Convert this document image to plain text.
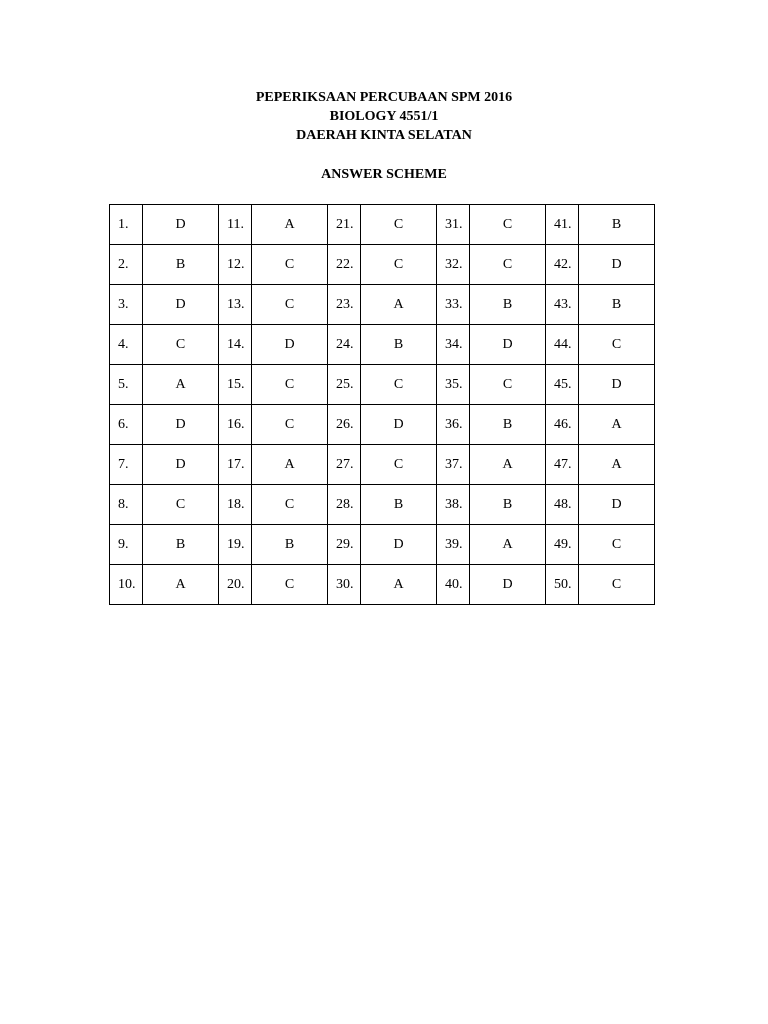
PEPERIKSAAN PERCUBAAN SPM 2016
BIOLOGY 4551/1
DAERAH KINTA SELATAN
ANSWER SCHEME
1.	D	11.	A	21.	C	31.	C	41.	B
2.	B	12.	C	22.	C	32.	C	42.	D
3.	D	13.	C	23.	A	33.	B	43.	B
4.	C	14.	D	24.	B	34.	D	44.	C
5.	A	15.	C	25.	C	35.	C	45.	D
6.	D	16.	C	26.	D	36.	B	46.	A
7.	D	17.	A	27.	C	37.	A	47.	A
8.	C	18.	C	28.	B	38.	B	48.	D
9.	B	19.	B	29.	D	39.	A	49.	C
10.	A	20.	C	30.	A	40.	D	50.	C
